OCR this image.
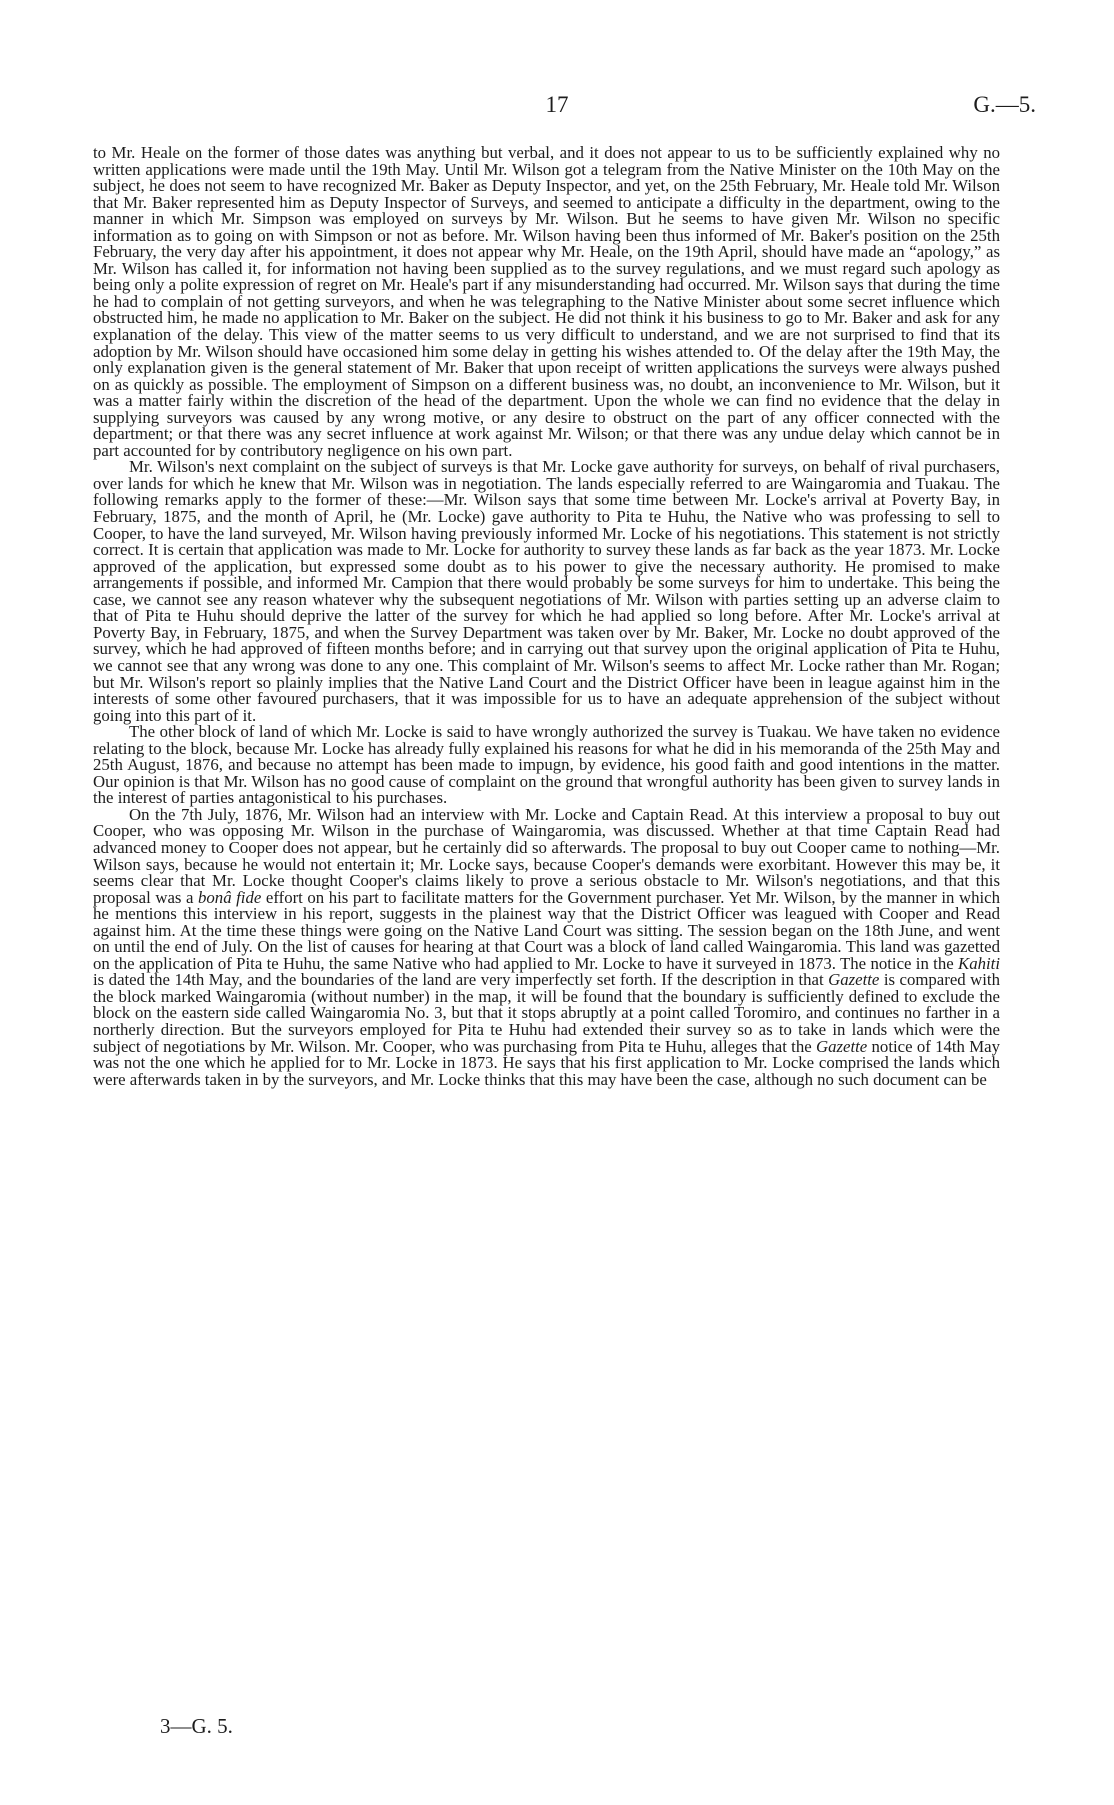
17	G.—5.

to Mr. Heale on the former of those dates was anything but verbal, and it does not appear to us to be sufficiently explained why no written applications were made until the 19th May. Until Mr. Wilson got a telegram from the Native Minister on the 10th May on the subject, he does not seem to have recognized Mr. Baker as Deputy Inspector, and yet, on the 25th February, Mr. Heale told Mr. Wilson that Mr. Baker represented him as Deputy Inspector of Surveys, and seemed to anticipate a difficulty in the department, owing to the manner in which Mr. Simpson was employed on surveys by Mr. Wilson. But he seems to have given Mr. Wilson no specific information as to going on with Simpson or not as before. Mr. Wilson having been thus informed of Mr. Baker's position on the 25th February, the very day after his appointment, it does not appear why Mr. Heale, on the 19th April, should have made an “apology,” as Mr. Wilson has called it, for information not having been supplied as to the survey regulations, and we must regard such apology as being only a polite expression of regret on Mr. Heale's part if any misunderstanding had occurred. Mr. Wilson says that during the time he had to complain of not getting surveyors, and when he was telegraphing to the Native Minister about some secret influence which obstructed him, he made no application to Mr. Baker on the subject. He did not think it his business to go to Mr. Baker and ask for any explanation of the delay. This view of the matter seems to us very difficult to understand, and we are not surprised to find that its adoption by Mr. Wilson should have occasioned him some delay in getting his wishes attended to. Of the delay after the 19th May, the only explanation given is the general statement of Mr. Baker that upon receipt of written applications the surveys were always pushed on as quickly as possible. The employment of Simpson on a different business was, no doubt, an inconvenience to Mr. Wilson, but it was a matter fairly within the discretion of the head of the department. Upon the whole we can find no evidence that the delay in supplying surveyors was caused by any wrong motive, or any desire to obstruct on the part of any officer connected with the department; or that there was any secret influence at work against Mr. Wilson; or that there was any undue delay which cannot be in part accounted for by contributory negligence on his own part.

Mr. Wilson's next complaint on the subject of surveys is that Mr. Locke gave authority for surveys, on behalf of rival purchasers, over lands for which he knew that Mr. Wilson was in negotiation. The lands especially referred to are Waingaromia and Tuakau. The following remarks apply to the former of these:—Mr. Wilson says that some time between Mr. Locke's arrival at Poverty Bay, in February, 1875, and the month of April, he (Mr. Locke) gave authority to Pita te Huhu, the Native who was professing to sell to Cooper, to have the land surveyed, Mr. Wilson having previously informed Mr. Locke of his negotiations. This statement is not strictly correct. It is certain that application was made to Mr. Locke for authority to survey these lands as far back as the year 1873. Mr. Locke approved of the application, but expressed some doubt as to his power to give the necessary authority. He promised to make arrangements if possible, and informed Mr. Campion that there would probably be some surveys for him to undertake. This being the case, we cannot see any reason whatever why the subsequent negotiations of Mr. Wilson with parties setting up an adverse claim to that of Pita te Huhu should deprive the latter of the survey for which he had applied so long before. After Mr. Locke's arrival at Poverty Bay, in February, 1875, and when the Survey Department was taken over by Mr. Baker, Mr. Locke no doubt approved of the survey, which he had approved of fifteen months before; and in carrying out that survey upon the original application of Pita te Huhu, we cannot see that any wrong was done to any one. This complaint of Mr. Wilson's seems to affect Mr. Locke rather than Mr. Rogan; but Mr. Wilson's report so plainly implies that the Native Land Court and the District Officer have been in league against him in the interests of some other favoured purchasers, that it was impossible for us to have an adequate apprehension of the subject without going into this part of it.

The other block of land of which Mr. Locke is said to have wrongly authorized the survey is Tuakau. We have taken no evidence relating to the block, because Mr. Locke has already fully explained his reasons for what he did in his memoranda of the 25th May and 25th August, 1876, and because no attempt has been made to impugn, by evidence, his good faith and good intentions in the matter. Our opinion is that Mr. Wilson has no good cause of complaint on the ground that wrongful authority has been given to survey lands in the interest of parties antagonistical to his purchases.

On the 7th July, 1876, Mr. Wilson had an interview with Mr. Locke and Captain Read. At this interview a proposal to buy out Cooper, who was opposing Mr. Wilson in the purchase of Waingaromia, was discussed. Whether at that time Captain Read had advanced money to Cooper does not appear, but he certainly did so afterwards. The proposal to buy out Cooper came to nothing—Mr. Wilson says, because he would not entertain it; Mr. Locke says, because Cooper's demands were exorbitant. However this may be, it seems clear that Mr. Locke thought Cooper's claims likely to prove a serious obstacle to Mr. Wilson's negotiations, and that this proposal was a bonâ fide effort on his part to facilitate matters for the Government purchaser. Yet Mr. Wilson, by the manner in which he mentions this interview in his report, suggests in the plainest way that the District Officer was leagued with Cooper and Read against him. At the time these things were going on the Native Land Court was sitting. The session began on the 18th June, and went on until the end of July. On the list of causes for hearing at that Court was a block of land called Waingaromia. This land was gazetted on the application of Pita te Huhu, the same Native who had applied to Mr. Locke to have it surveyed in 1873. The notice in the Kahiti is dated the 14th May, and the boundaries of the land are very imperfectly set forth. If the description in that Gazette is compared with the block marked Waingaromia (without number) in the map, it will be found that the boundary is sufficiently defined to exclude the block on the eastern side called Waingaromia No. 3, but that it stops abruptly at a point called Toromiro, and continues no farther in a northerly direction. But the surveyors employed for Pita te Huhu had extended their survey so as to take in lands which were the subject of negotiations by Mr. Wilson. Mr. Cooper, who was purchasing from Pita te Huhu, alleges that the Gazette notice of 14th May was not the one which he applied for to Mr. Locke in 1873. He says that his first application to Mr. Locke comprised the lands which were afterwards taken in by the surveyors, and Mr. Locke thinks that this may have been the case, although no such document can be

3—G. 5.
